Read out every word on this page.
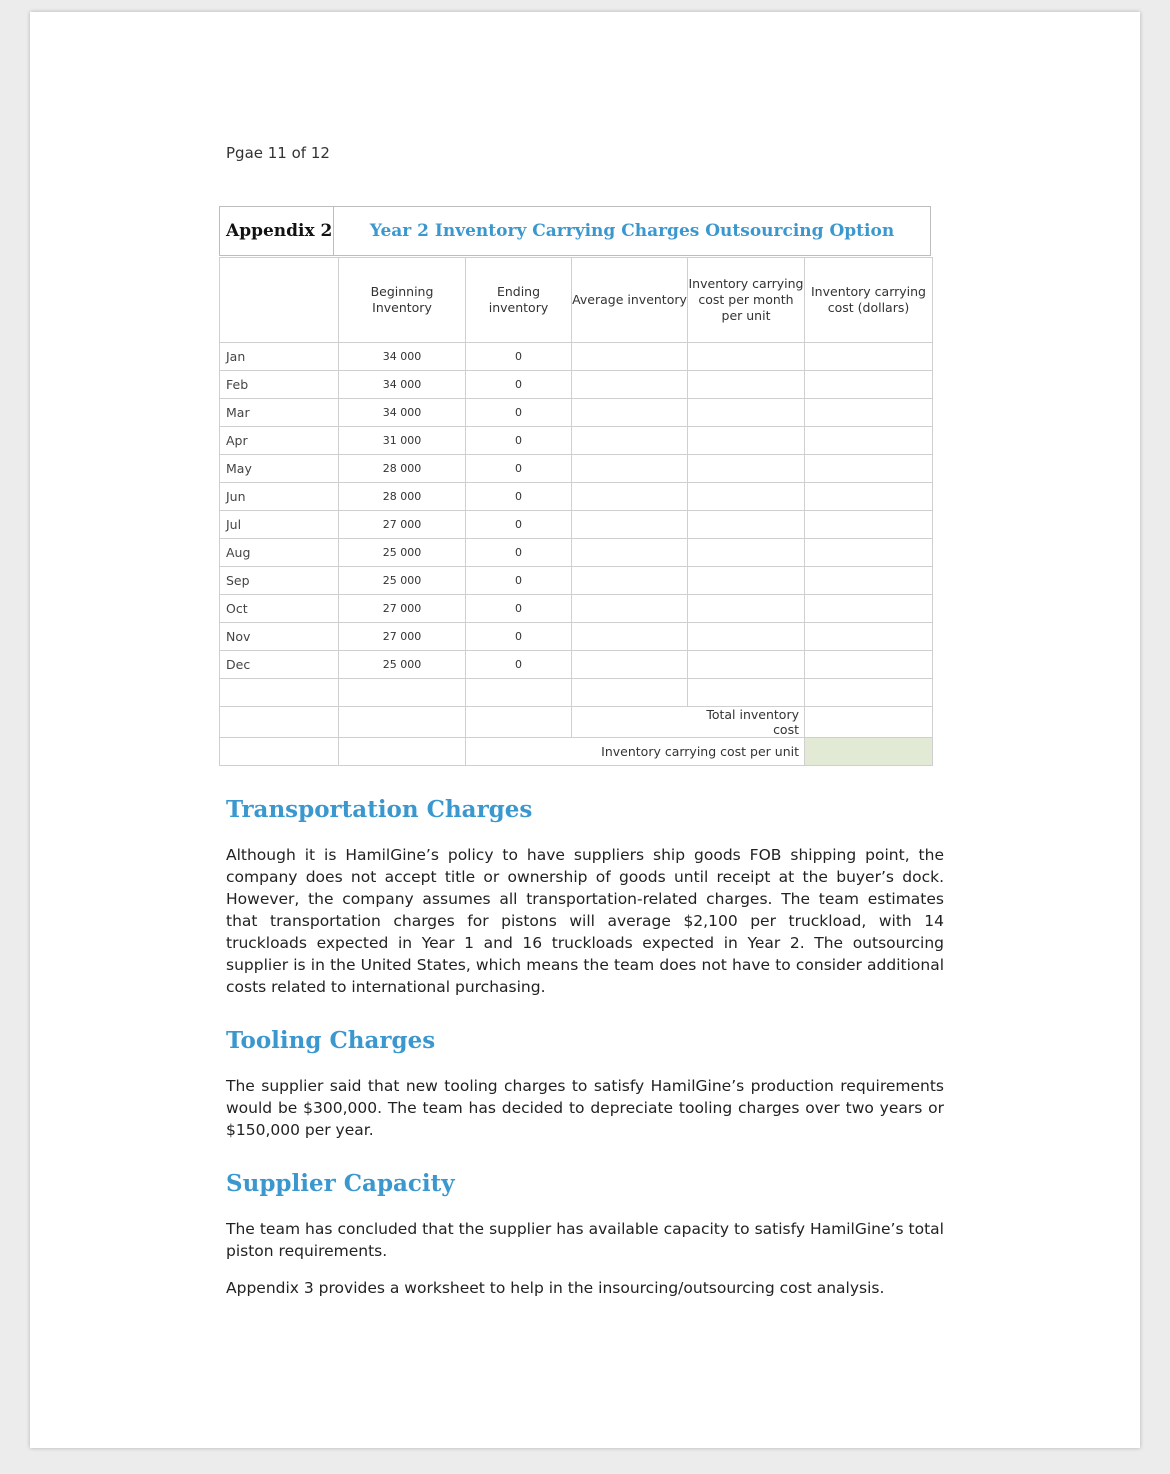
Pgae 11 of 12
Appendix 2	Year 2 Inventory Carrying Charges Outsourcing Option
	Beginning Inventory	Ending inventory	Average inventory	Inventory carrying cost per month per unit	Inventory carrying cost (dollars)
Jan	34 000	0			
Feb	34 000	0			
Mar	34 000	0			
Apr	31 000	0			
May	28 000	0			
Jun	28 000	0			
Jul	27 000	0			
Aug	25 000	0			
Sep	25 000	0			
Oct	27 000	0			
Nov	27 000	0			
Dec	25 000	0			

				Total inventory cost	
		Inventory carrying cost per unit			
Transportation Charges

Although it is HamilGine’s policy to have suppliers ship goods FOB shipping point, the company does not accept title or ownership of goods until receipt at the buyer’s dock. However, the company assumes all transportation-related charges. The team estimates that transportation charges for pistons will average $2,100 per truckload, with 14 truckloads expected in Year 1 and 16 truckloads expected in Year 2. The outsourcing supplier is in the United States, which means the team does not have to consider additional costs related to international purchasing.

Tooling Charges

The supplier said that new tooling charges to satisfy HamilGine’s production requirements would be $300,000. The team has decided to depreciate tooling charges over two years or $150,000 per year.

Supplier Capacity

The team has concluded that the supplier has available capacity to satisfy HamilGine’s total piston requirements.

Appendix 3 provides a worksheet to help in the insourcing/outsourcing cost analysis.
